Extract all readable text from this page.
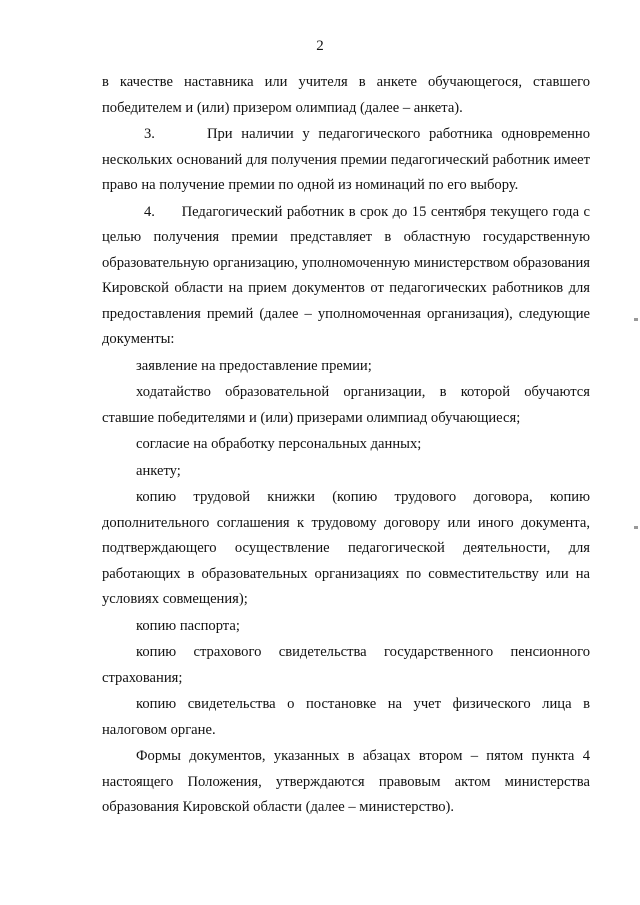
2

в качестве наставника или учителя в анкете обучающегося, ставшего победителем и (или) призером олимпиад (далее – анкета).

3.      При наличии у педагогического работника одновременно нескольких оснований для получения премии педагогический работник имеет право на получение премии по одной из номинаций по его выбору.

4.      Педагогический работник в срок до 15 сентября текущего года с целью получения премии представляет в областную государственную образовательную организацию, уполномоченную министерством образования Кировской области на прием документов от педагогических работников для предоставления премий (далее – уполномоченная организация), следующие документы:

заявление на предоставление премии;

ходатайство образовательной организации, в которой обучаются ставшие победителями и (или) призерами олимпиад обучающиеся;

согласие на обработку персональных данных;

анкету;

копию трудовой книжки (копию трудового договора, копию дополнительного соглашения к трудовому договору или иного документа, подтверждающего осуществление педагогической деятельности, для работающих в образовательных организациях по совместительству или на условиях совмещения);

копию паспорта;

копию страхового свидетельства государственного пенсионного страхования;

копию свидетельства о постановке на учет физического лица в налоговом органе.

Формы документов, указанных в абзацах втором – пятом пункта 4 настоящего Положения, утверждаются правовым актом министерства образования Кировской области (далее – министерство).
